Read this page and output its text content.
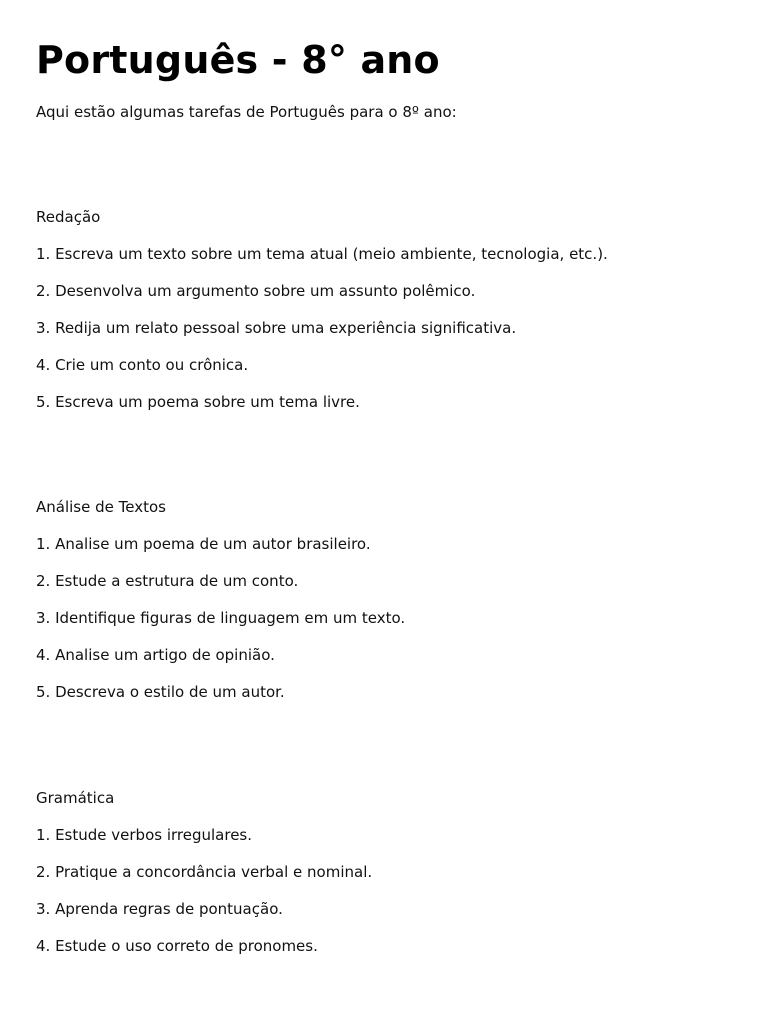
Português - 8° ano

Aqui estão algumas tarefas de Português para o 8º ano:

Redação

1. Escreva um texto sobre um tema atual (meio ambiente, tecnologia, etc.).
2. Desenvolva um argumento sobre um assunto polêmico.
3. Redija um relato pessoal sobre uma experiência significativa.
4. Crie um conto ou crônica.
5. Escreva um poema sobre um tema livre.

Análise de Textos

1. Analise um poema de um autor brasileiro.
2. Estude a estrutura de um conto.
3. Identifique figuras de linguagem em um texto.
4. Analise um artigo de opinião.
5. Descreva o estilo de um autor.

Gramática

1. Estude verbos irregulares.
2. Pratique a concordância verbal e nominal.
3. Aprenda regras de pontuação.
4. Estude o uso correto de pronomes.
